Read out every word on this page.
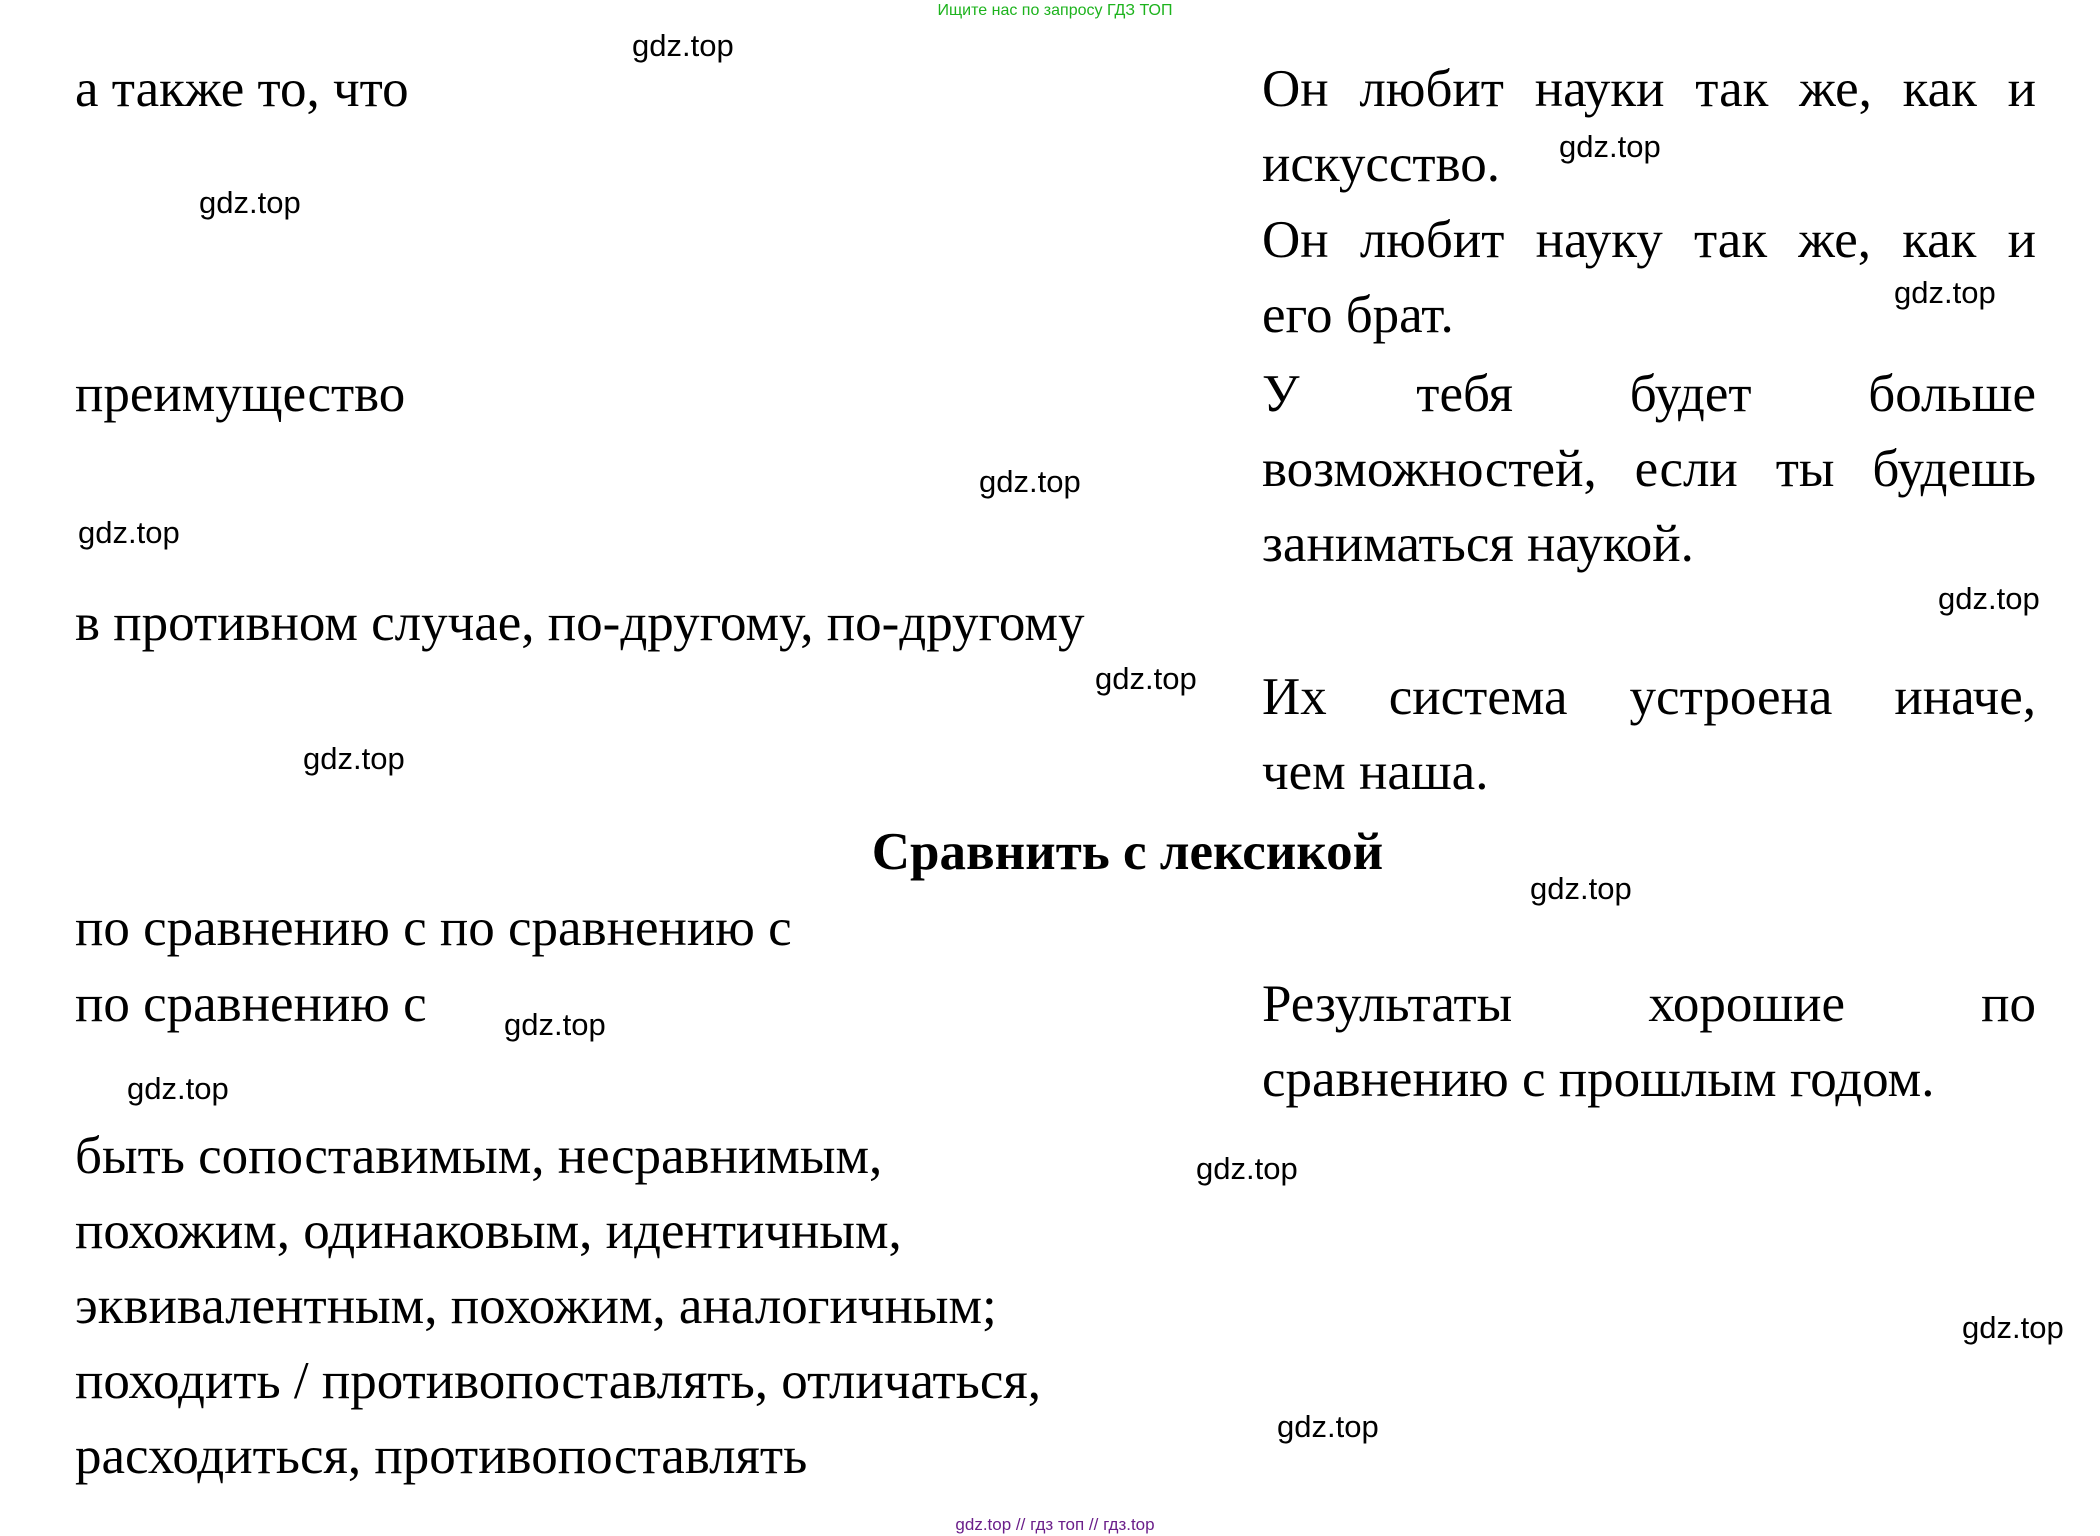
Ищите нас по запросу ГДЗ ТОП
а также то, что
преимущество
в противном случае, по-другому, по-другому
Сравнить с лексикой
по сравнению с по сравнению с
по сравнению с
быть сопоставимым, несравнимым,
похожим, одинаковым, идентичным,
эквивалентным, похожим, аналогичным;
походить / противопоставлять, отличаться,
расходиться, противопоставлять
Он любит науки так же, как и
искусство.
Он любит науку так же, как и
его брат.
У тебя будет больше
возможностей, если ты будешь
заниматься наукой.
Их система устроена иначе,
чем наша.
Результаты хорошие по
сравнению с прошлым годом.
gdz.top
gdz.top
gdz.top
gdz.top
gdz.top
gdz.top
gdz.top
gdz.top
gdz.top
gdz.top
gdz.top
gdz.top
gdz.top
gdz.top
gdz.top
gdz.top // гдз топ // гдз.top
